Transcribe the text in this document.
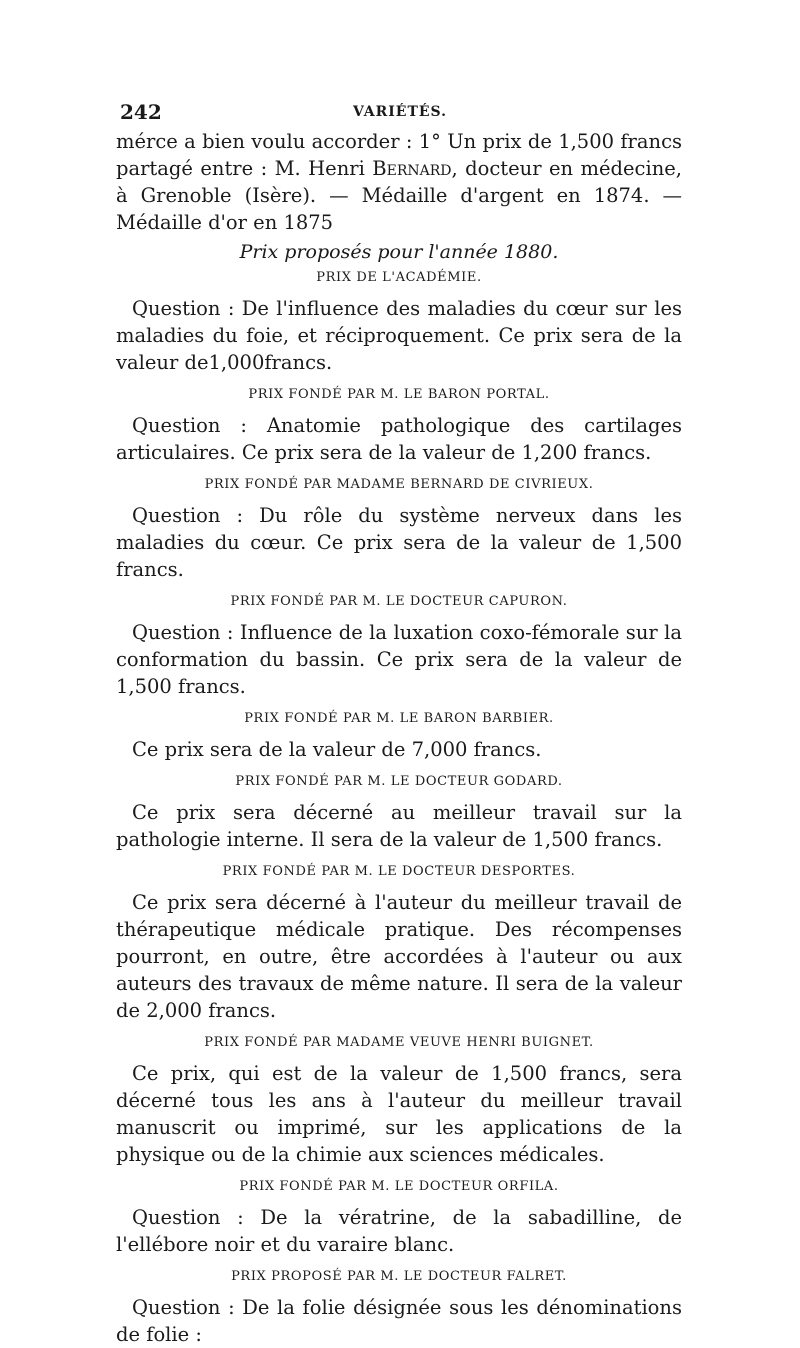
242	VARIÉTÉS.

mérce a bien voulu accorder : 1° Un prix de 1,500 francs partagé entre : M. Henri Bernard, docteur en médecine, à Grenoble (Isère). — Médaille d'argent en 1874. — Médaille d'or en 1875

Prix proposés pour l'année 1880.
PRIX DE L'ACADÉMIE.

Question : De l'influence des maladies du cœur sur les maladies du foie, et réciproquement. Ce prix sera de la valeur de1,000francs.

PRIX FONDÉ PAR M. LE BARON PORTAL.

Question : Anatomie pathologique des cartilages articulaires. Ce prix sera de la valeur de 1,200 francs.

PRIX FONDÉ PAR MADAME BERNARD DE CIVRIEUX.

Question : Du rôle du système nerveux dans les maladies du cœur. Ce prix sera de la valeur de 1,500 francs.

PRIX FONDÉ PAR M. LE DOCTEUR CAPURON.

Question : Influence de la luxation coxo-fémorale sur la conformation du bassin. Ce prix sera de la valeur de 1,500 francs.

PRIX FONDÉ PAR M. LE BARON BARBIER.

Ce prix sera de la valeur de 7,000 francs.

PRIX FONDÉ PAR M. LE DOCTEUR GODARD.

Ce prix sera décerné au meilleur travail sur la pathologie interne. Il sera de la valeur de 1,500 francs.

PRIX FONDÉ PAR M. LE DOCTEUR DESPORTES.

Ce prix sera décerné à l'auteur du meilleur travail de thérapeutique médicale pratique. Des récompenses pourront, en outre, être accordées à l'auteur ou aux auteurs des travaux de même nature. Il sera de la valeur de 2,000 francs.

PRIX FONDÉ PAR MADAME VEUVE HENRI BUIGNET.

Ce prix, qui est de la valeur de 1,500 francs, sera décerné tous les ans à l'auteur du meilleur travail manuscrit ou imprimé, sur les applications de la physique ou de la chimie aux sciences médicales.

PRIX FONDÉ PAR M. LE DOCTEUR ORFILA.

Question : De la vératrine, de la sabadilline, de l'ellébore noir et du varaire blanc.

PRIX PROPOSÉ PAR M. LE DOCTEUR FALRET.

Question : De la folie désignée sous les dénominations de folie :
